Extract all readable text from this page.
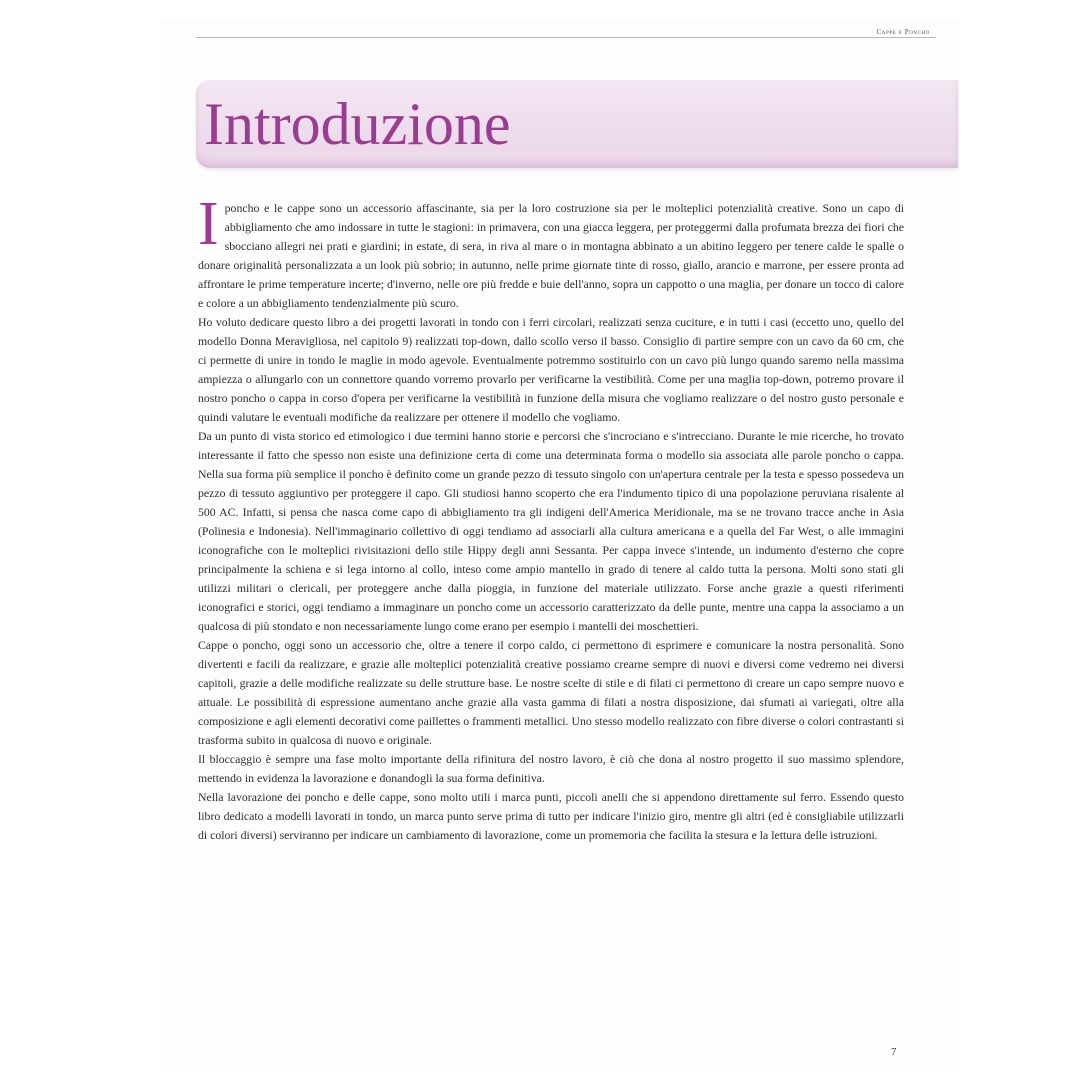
Cappe e Poncho
Introduzione

Iponcho e le cappe sono un accessorio affascinante, sia per la loro costruzione sia per le molteplici potenzialità creative. Sono un capo di abbigliamento che amo indossare in tutte le stagioni: in primavera, con una giacca leggera, per proteggermi dalla profumata brezza dei fiori che sbocciano allegri nei prati e giardini; in estate, di sera, in riva al mare o in montagna abbinato a un abitino leggero per tenere calde le spalle o donare originalità personalizzata a un look più sobrio; in autunno, nelle prime giornate tinte di rosso, giallo, arancio e marrone, per essere pronta ad affrontare le prime temperature incerte; d'inverno, nelle ore più fredde e buie dell'anno, sopra un cappotto o una maglia, per donare un tocco di calore e colore a un abbigliamento tendenzialmente più scuro.

Ho voluto dedicare questo libro a dei progetti lavorati in tondo con i ferri circolari, realizzati senza cuciture, e in tutti i casi (eccetto uno, quello del modello Donna Meravigliosa, nel capitolo 9) realizzati top-down, dallo scollo verso il basso. Consiglio di partire sempre con un cavo da 60 cm, che ci permette di unire in tondo le maglie in modo agevole. Eventualmente potremmo sostituirlo con un cavo più lungo quando saremo nella massima ampiezza o allungarlo con un connettore quando vorremo provarlo per verificarne la vestibilità. Come per una maglia top-down, potremo provare il nostro poncho o cappa in corso d'opera per verificarne la vestibilità in funzione della misura che vogliamo realizzare o del nostro gusto personale e quindi valutare le eventuali modifiche da realizzare per ottenere il modello che vogliamo.

Da un punto di vista storico ed etimologico i due termini hanno storie e percorsi che s'incrociano e s'intrecciano. Durante le mie ricerche, ho trovato interessante il fatto che spesso non esiste una definizione certa di come una determinata forma o modello sia associata alle parole poncho o cappa. Nella sua forma più semplice il poncho è definito come un grande pezzo di tessuto singolo con un'apertura centrale per la testa e spesso possedeva un pezzo di tessuto aggiuntivo per proteggere il capo. Gli studiosi hanno scoperto che era l'indumento tipico di una popolazione peruviana risalente al 500 AC. Infatti, si pensa che nasca come capo di abbigliamento tra gli indigeni dell'America Meridionale, ma se ne trovano tracce anche in Asia (Polinesia e Indonesia). Nell'immaginario collettivo di oggi tendiamo ad associarli alla cultura americana e a quella del Far West, o alle immagini iconografiche con le molteplici rivisitazioni dello stile Hippy degli anni Sessanta. Per cappa invece s'intende, un indumento d'esterno che copre principalmente la schiena e si lega intorno al collo, inteso come ampio mantello in grado di tenere al caldo tutta la persona. Molti sono stati gli utilizzi militari o clericali, per proteggere anche dalla pioggia, in funzione del materiale utilizzato. Forse anche grazie a questi riferimenti iconografici e storici, oggi tendiamo a immaginare un poncho come un accessorio caratterizzato da delle punte, mentre una cappa la associamo a un qualcosa di più stondato e non necessariamente lungo come erano per esempio i mantelli dei moschettieri.

Cappe o poncho, oggi sono un accessorio che, oltre a tenere il corpo caldo, ci permettono di esprimere e comunicare la nostra personalità. Sono divertenti e facili da realizzare, e grazie alle molteplici potenzialità creative possiamo crearne sempre di nuovi e diversi come vedremo nei diversi capitoli, grazie a delle modifiche realizzate su delle strutture base. Le nostre scelte di stile e di filati ci permettono di creare un capo sempre nuovo e attuale. Le possibilità di espressione aumentano anche grazie alla vasta gamma di filati a nostra disposizione, dai sfumati ai variegati, oltre alla composizione e agli elementi decorativi come paillettes o frammenti metallici. Uno stesso modello realizzato con fibre diverse o colori contrastanti si trasforma subito in qualcosa di nuovo e originale.

Il bloccaggio è sempre una fase molto importante della rifinitura del nostro lavoro, è ciò che dona al nostro progetto il suo massimo splendore, mettendo in evidenza la lavorazione e donandogli la sua forma definitiva.

Nella lavorazione dei poncho e delle cappe, sono molto utili i marca punti, piccoli anelli che si appendono direttamente sul ferro. Essendo questo libro dedicato a modelli lavorati in tondo, un marca punto serve prima di tutto per indicare l'inizio giro, mentre gli altri (ed è consigliabile utilizzarli di colori diversi) serviranno per indicare un cambiamento di lavorazione, come un promemoria che facilita la stesura e la lettura delle istruzioni.

7
